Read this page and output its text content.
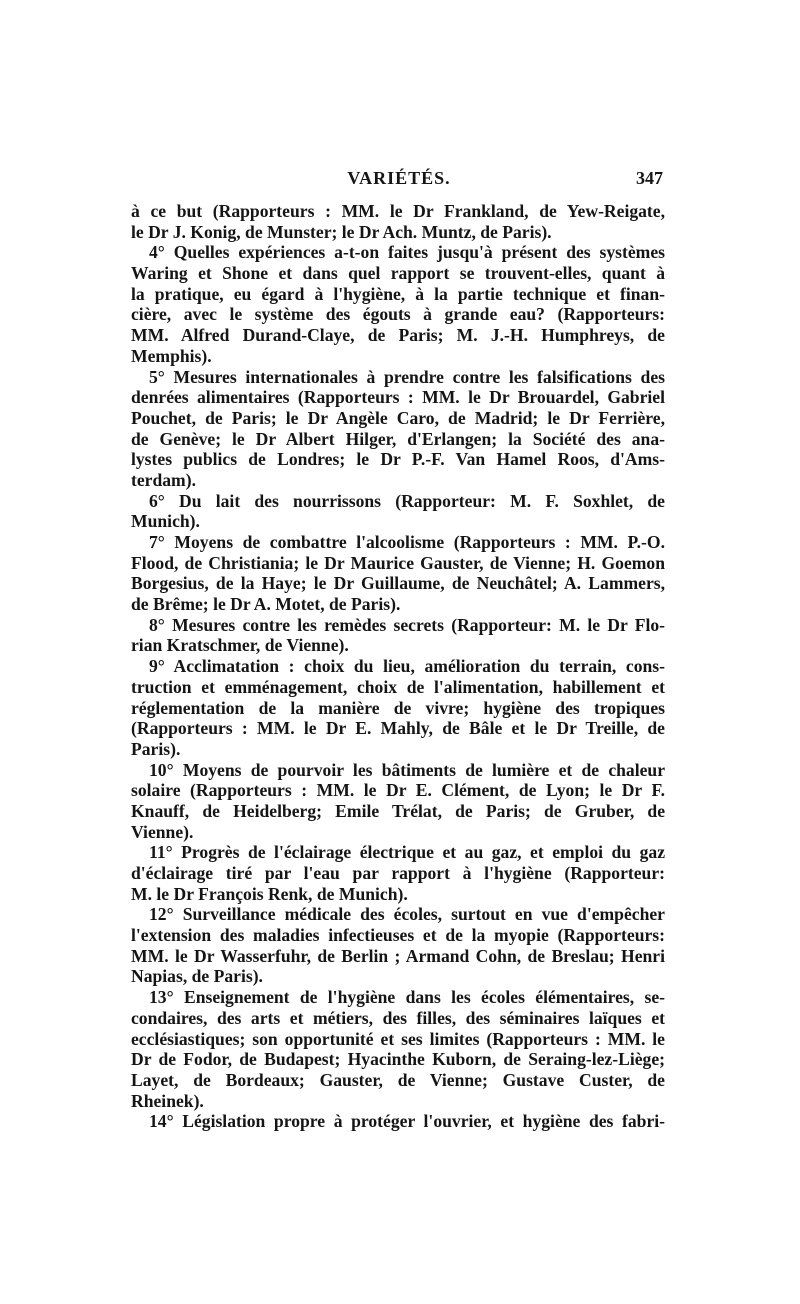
VARIÉTÉS.	347
à ce but (Rapporteurs : MM. le Dr Frankland, de Yew-Reigate,
le Dr J. Konig, de Munster; le Dr Ach. Muntz, de Paris).
4° Quelles expériences a-t-on faites jusqu'à présent des systèmes
Waring et Shone et dans quel rapport se trouvent-elles, quant à
la pratique, eu égard à l'hygiène, à la partie technique et finan-
cière, avec le système des égouts à grande eau? (Rapporteurs:
MM. Alfred Durand-Claye, de Paris; M. J.-H. Humphreys, de
Memphis).
5° Mesures internationales à prendre contre les falsifications des
denrées alimentaires (Rapporteurs : MM. le Dr Brouardel, Gabriel
Pouchet, de Paris; le Dr Angèle Caro, de Madrid; le Dr Ferrière,
de Genève; le Dr Albert Hilger, d'Erlangen; la Société des ana-
lystes publics de Londres; le Dr P.-F. Van Hamel Roos, d'Ams-
terdam).
6° Du lait des nourrissons (Rapporteur: M. F. Soxhlet, de
Munich).
7° Moyens de combattre l'alcoolisme (Rapporteurs : MM. P.-O.
Flood, de Christiania; le Dr Maurice Gauster, de Vienne; H. Goemon
Borgesius, de la Haye; le Dr Guillaume, de Neuchâtel; A. Lammers,
de Brême; le Dr A. Motet, de Paris).
8° Mesures contre les remèdes secrets (Rapporteur: M. le Dr Flo-
rian Kratschmer, de Vienne).
9° Acclimatation : choix du lieu, amélioration du terrain, cons-
truction et emménagement, choix de l'alimentation, habillement et
réglementation de la manière de vivre; hygiène des tropiques
(Rapporteurs : MM. le Dr E. Mahly, de Bâle et le Dr Treille, de
Paris).
10° Moyens de pourvoir les bâtiments de lumière et de chaleur
solaire (Rapporteurs : MM. le Dr E. Clément, de Lyon; le Dr F.
Knauff, de Heidelberg; Emile Trélat, de Paris; de Gruber, de
Vienne).
11° Progrès de l'éclairage électrique et au gaz, et emploi du gaz
d'éclairage tiré par l'eau par rapport à l'hygiène (Rapporteur:
M. le Dr François Renk, de Munich).
12° Surveillance médicale des écoles, surtout en vue d'empêcher
l'extension des maladies infectieuses et de la myopie (Rapporteurs:
MM. le Dr Wasserfuhr, de Berlin ; Armand Cohn, de Breslau; Henri
Napias, de Paris).
13° Enseignement de l'hygiène dans les écoles élémentaires, se-
condaires, des arts et métiers, des filles, des séminaires laïques et
ecclésiastiques; son opportunité et ses limites (Rapporteurs : MM. le
Dr de Fodor, de Budapest; Hyacinthe Kuborn, de Seraing-lez-Liège;
Layet, de Bordeaux; Gauster, de Vienne; Gustave Custer, de
Rheinek).
14° Législation propre à protéger l'ouvrier, et hygiène des fabri-
